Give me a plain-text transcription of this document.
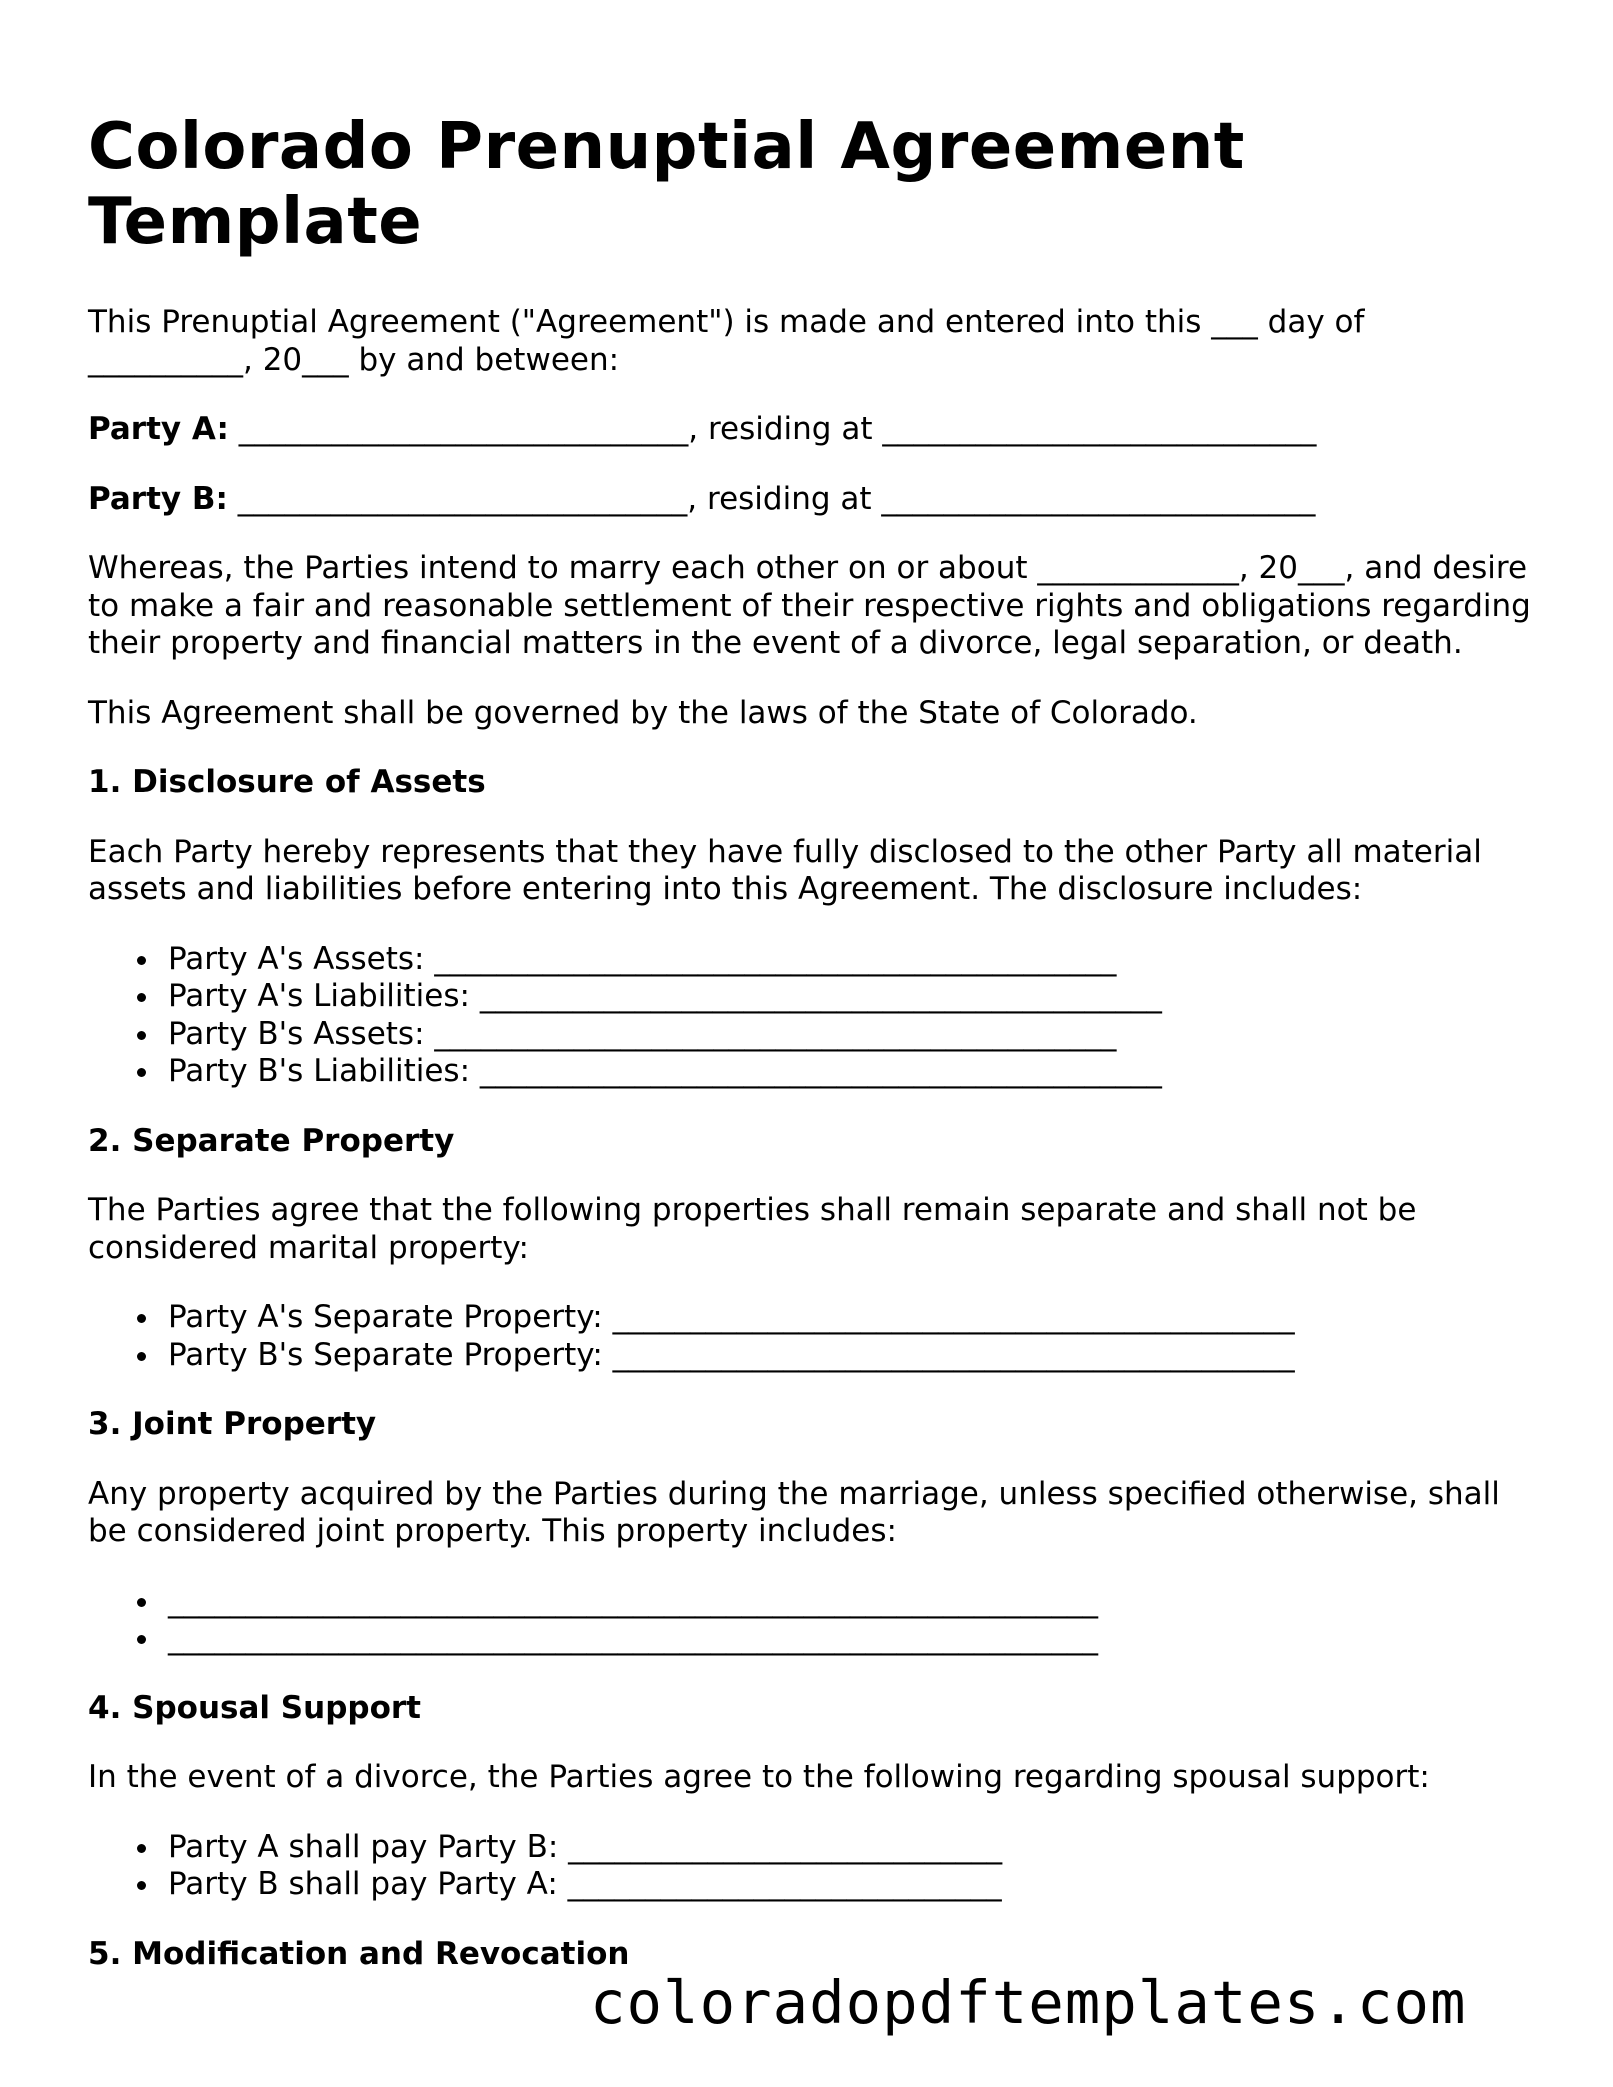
Colorado Prenuptial Agreement Template

This Prenuptial Agreement ("Agreement") is made and entered into this ___ day of __________, 20___ by and between:

Party A: _____________________________, residing at ____________________________

Party B: _____________________________, residing at ____________________________

Whereas, the Parties intend to marry each other on or about _____________, 20___, and desire to make a fair and reasonable settlement of their respective rights and obligations regarding their property and financial matters in the event of a divorce, legal separation, or death.

This Agreement shall be governed by the laws of the State of Colorado.

1. Disclosure of Assets

Each Party hereby represents that they have fully disclosed to the other Party all material assets and liabilities before entering into this Agreement. The disclosure includes:

Party A's Assets: ____________________________________________
Party A's Liabilities: ____________________________________________
Party B's Assets: ____________________________________________
Party B's Liabilities: ____________________________________________
2. Separate Property

The Parties agree that the following properties shall remain separate and shall not be considered marital property:

Party A's Separate Property: ____________________________________________
Party B's Separate Property: ____________________________________________
3. Joint Property

Any property acquired by the Parties during the marriage, unless specified otherwise, shall be considered joint property. This property includes:

____________________________________________________________
____________________________________________________________
4. Spousal Support

In the event of a divorce, the Parties agree to the following regarding spousal support:

Party A shall pay Party B: ____________________________
Party B shall pay Party A: ____________________________
5. Modification and Revocation
coloradopdftemplates.com
